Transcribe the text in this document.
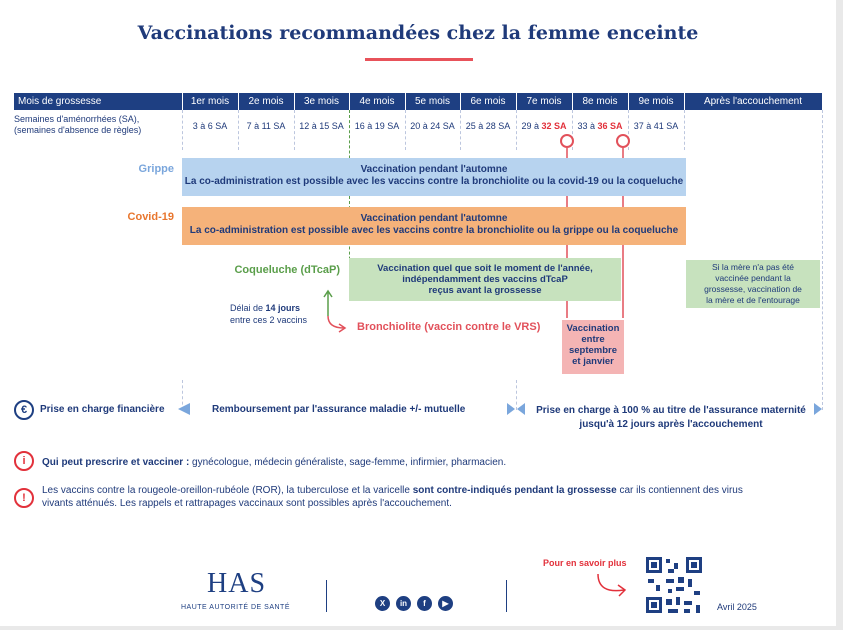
Vaccinations recommandées chez la femme enceinte
Mois de grossesse	1er mois	2e mois	3e mois	4e mois	5e mois	6e mois	7e mois	8e mois	9e mois	Après l'accouchement
Semaines d'aménorrhées (SA),
(semaines d'absence de règles)	3 à 6 SA	7 à 11 SA	12 à 15 SA	16 à 19 SA	20 à 24 SA	25 à 28 SA	29 à 32 SA	33 à 36 SA	37 à 41 SA
Grippe	Vaccination pendant l'automne
La co-administration est possible avec les vaccins contre la bronchiolite ou la covid-19 ou la coqueluche
Covid-19	Vaccination pendant l'automne
La co-administration est possible avec les vaccins contre la bronchiolite ou la grippe ou la coqueluche
Coqueluche (dTcaP)	Vaccination quel que soit le moment de l'année,
indépendamment des vaccins dTcaP
reçus avant la grossesse
Si la mère n'a pas été
vaccinée pendant la
grossesse, vaccination de
la mère et de l'entourage
Délai de 14 jours
entre ces 2 vaccins
Bronchiolite (vaccin contre le VRS)	Vaccination
entre
septembre
et janvier
€	Prise en charge financière	Remboursement par l'assurance maladie +/- mutuelle	Prise en charge à 100 % au titre de l'assurance maternité
jusqu'à 12 jours après l'accouchement
i	Qui peut prescrire et vacciner : gynécologue, médecin généraliste, sage-femme, infirmier, pharmacien.
!
Les vaccins contre la rougeole-oreillon-rubéole (ROR), la tuberculose et la varicelle sont contre-indiqués pendant la grossesse car ils contiennent des virus
vivants atténués. Les rappels et rattrapages vaccinaux sont possibles après l'accouchement.
HAS
HAUTE AUTORITÉ DE SANTÉ	X in f ▶
Pour en savoir plus
Avril 2025
